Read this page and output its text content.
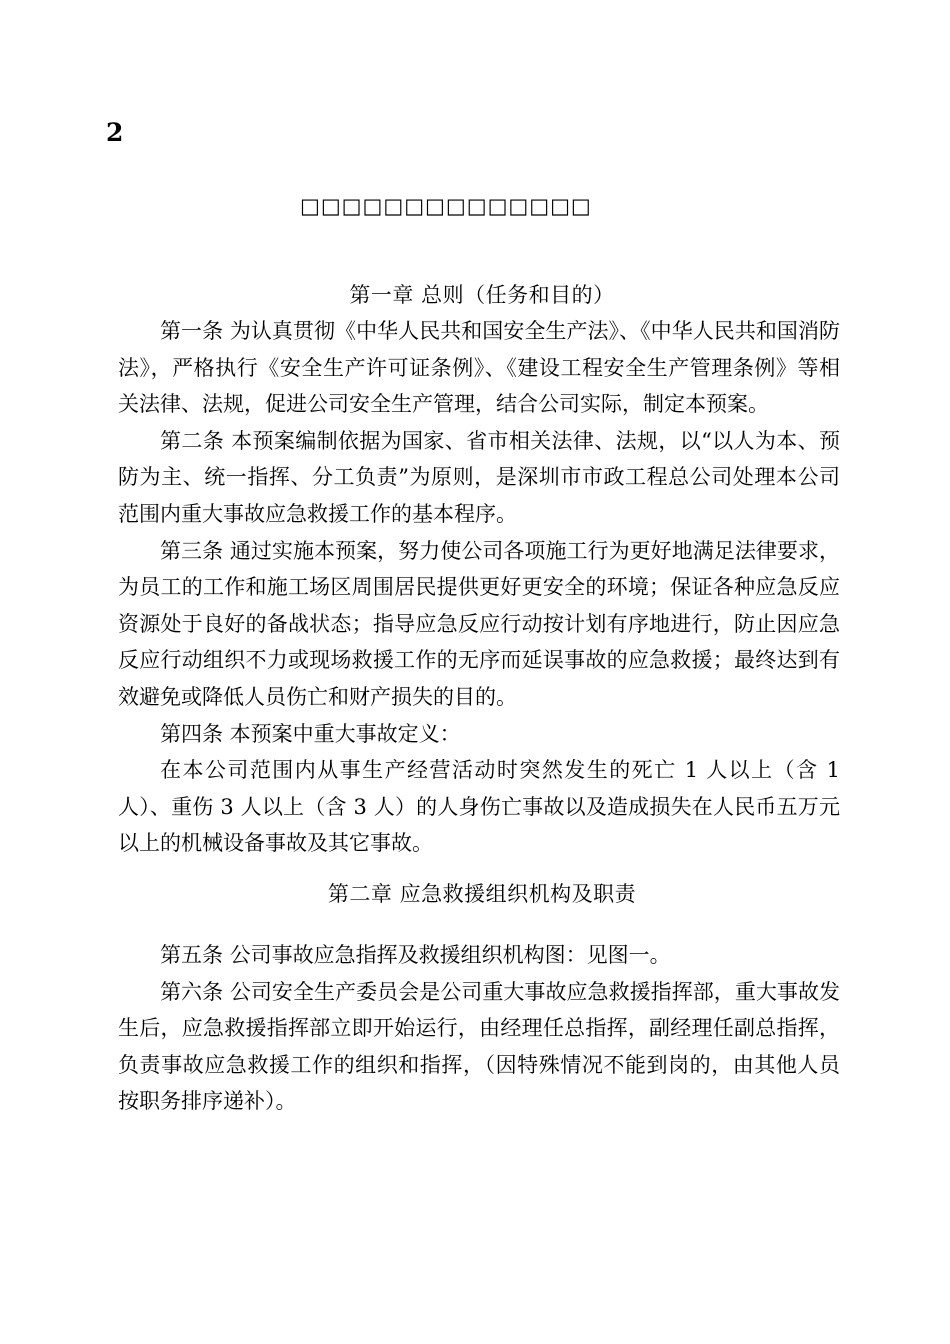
2
□□□□□□□□□□□□□□

第一章 总则（任务和目的）

第一条 为认真贯彻《中华人民共和国安全生产法》、《中华人民共和国消防法》，严格执行《安全生产许可证条例》、《建设工程安全生产管理条例》等相关法律、法规，促进公司安全生产管理，结合公司实际，制定本预案。

第二条 本预案编制依据为国家、省市相关法律、法规，以“以人为本、预防为主、统一指挥、分工负责”为原则，是深圳市市政工程总公司处理本公司范围内重大事故应急救援工作的基本程序。

第三条 通过实施本预案，努力使公司各项施工行为更好地满足法律要求，为员工的工作和施工场区周围居民提供更好更安全的环境；保证各种应急反应资源处于良好的备战状态；指导应急反应行动按计划有序地进行，防止因应急反应行动组织不力或现场救援工作的无序而延误事故的应急救援；最终达到有效避免或降低人员伤亡和财产损失的目的。

第四条 本预案中重大事故定义：

在本公司范围内从事生产经营活动时突然发生的死亡 1 人以上（含 1 人）、重伤 3 人以上（含 3 人）的人身伤亡事故以及造成损失在人民币五万元以上的机械设备事故及其它事故。

第二章 应急救援组织机构及职责

第五条 公司事故应急指挥及救援组织机构图：见图一。

第六条 公司安全生产委员会是公司重大事故应急救援指挥部，重大事故发生后，应急救援指挥部立即开始运行，由经理任总指挥，副经理任副总指挥，负责事故应急救援工作的组织和指挥，（因特殊情况不能到岗的，由其他人员按职务排序递补）。
